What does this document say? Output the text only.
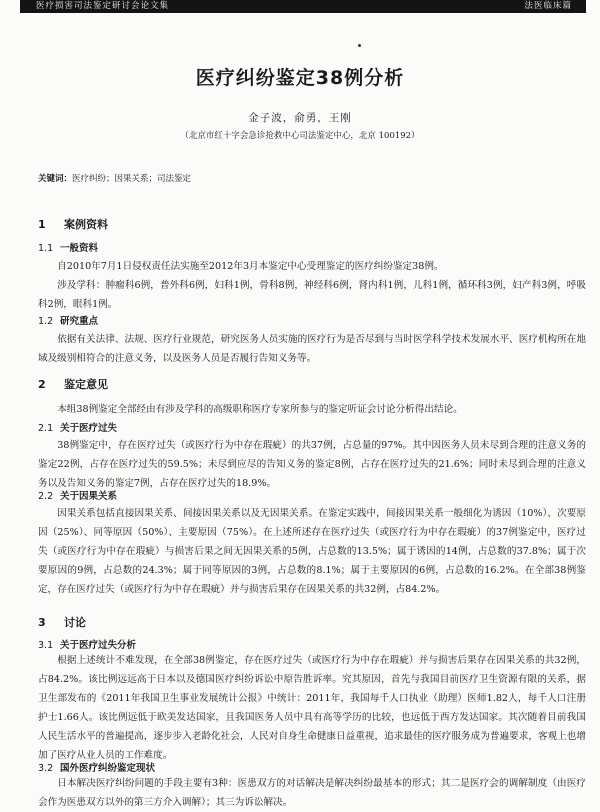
医疗损害司法鉴定研讨会论文集	法医临床篇
医疗纠纷鉴定38例分析
金子波，俞勇，王刚
（北京市红十字会急诊抢救中心司法鉴定中心，北京 100192）
关键词：医疗纠纷；因果关系；司法鉴定
1 案例资料
1.1 一般资料

自2010年7月1日侵权责任法实施至2012年3月本鉴定中心受理鉴定的医疗纠纷鉴定38例。

涉及学科：肿瘤科6例，普外科6例，妇科1例，骨科8例，神经科6例，肾内科1例，儿科1例，循环科3例，妇产科3例，呼吸科2例，眼科1例。

1.2 研究重点

依据有关法律、法规、医疗行业规范，研究医务人员实施的医疗行为是否尽到与当时医学科学技术发展水平、医疗机构所在地域及级别相符合的注意义务，以及医务人员是否履行告知义务等。

2 鉴定意见

本组38例鉴定全部经由有涉及学科的高级职称医疗专家所参与的鉴定听证会讨论分析得出结论。

2.1 关于医疗过失

38例鉴定中，存在医疗过失（或医疗行为中存在瑕疵）的共37例，占总量的97%。其中因医务人员未尽到合理的注意义务的鉴定22例，占存在医疗过失的59.5%；未尽到应尽的告知义务的鉴定8例，占存在医疗过失的21.6%；同时未尽到合理的注意义务以及告知义务的鉴定7例，占存在医疗过失的18.9%。

2.2 关于因果关系

因果关系包括直接因果关系、间接因果关系以及无因果关系。在鉴定实践中，间接因果关系一般细化为诱因（10%）、次要原因（25%）、同等原因（50%）、主要原因（75%）。在上述所述存在医疗过失（或医疗行为中存在瑕疵）的37例鉴定中，医疗过失（或医疗行为中存在瑕疵）与损害后果之间无因果关系的5例，占总数的13.5%；属于诱因的14例，占总数的37.8%；属于次要原因的9例，占总数的24.3%；属于同等原因的3例，占总数的8.1%；属于主要原因的6例，占总数的16.2%。在全部38例鉴定，存在医疗过失（或医疗行为中存在瑕疵）并与损害后果存在因果关系的共32例，占84.2%。

3 讨论
3.1 关于医疗过失分析

根据上述统计不难发现，在全部38例鉴定，存在医疗过失（或医疗行为中存在瑕疵）并与损害后果存在因果关系的共32例，占84.2%。该比例远远高于日本以及德国医疗纠纷诉讼中原告胜诉率。究其原因，首先与我国目前医疗卫生资源有限的关系，据卫生部发布的《2011年我国卫生事业发展统计公报》中统计：2011年，我国每千人口执业（助理）医师1.82人，每千人口注册护士1.66人。该比例远低于欧美发达国家，且我国医务人员中具有高等学历的比较，也远低于西方发达国家。其次随着目前我国人民生活水平的普遍提高，逐步步入老龄化社会，人民对自身生命健康日益重视，追求最佳的医疗服务成为普遍要求，客观上也增加了医疗从业人员的工作难度。

3.2 国外医疗纠纷鉴定现状

日本解决医疗纠纷问题的手段主要有3种：医患双方的对话解决是解决纠纷最基本的形式；其二是医疗会的调解制度（由医疗会作为医患双方以外的第三方介入调解）；其三为诉讼解决。
